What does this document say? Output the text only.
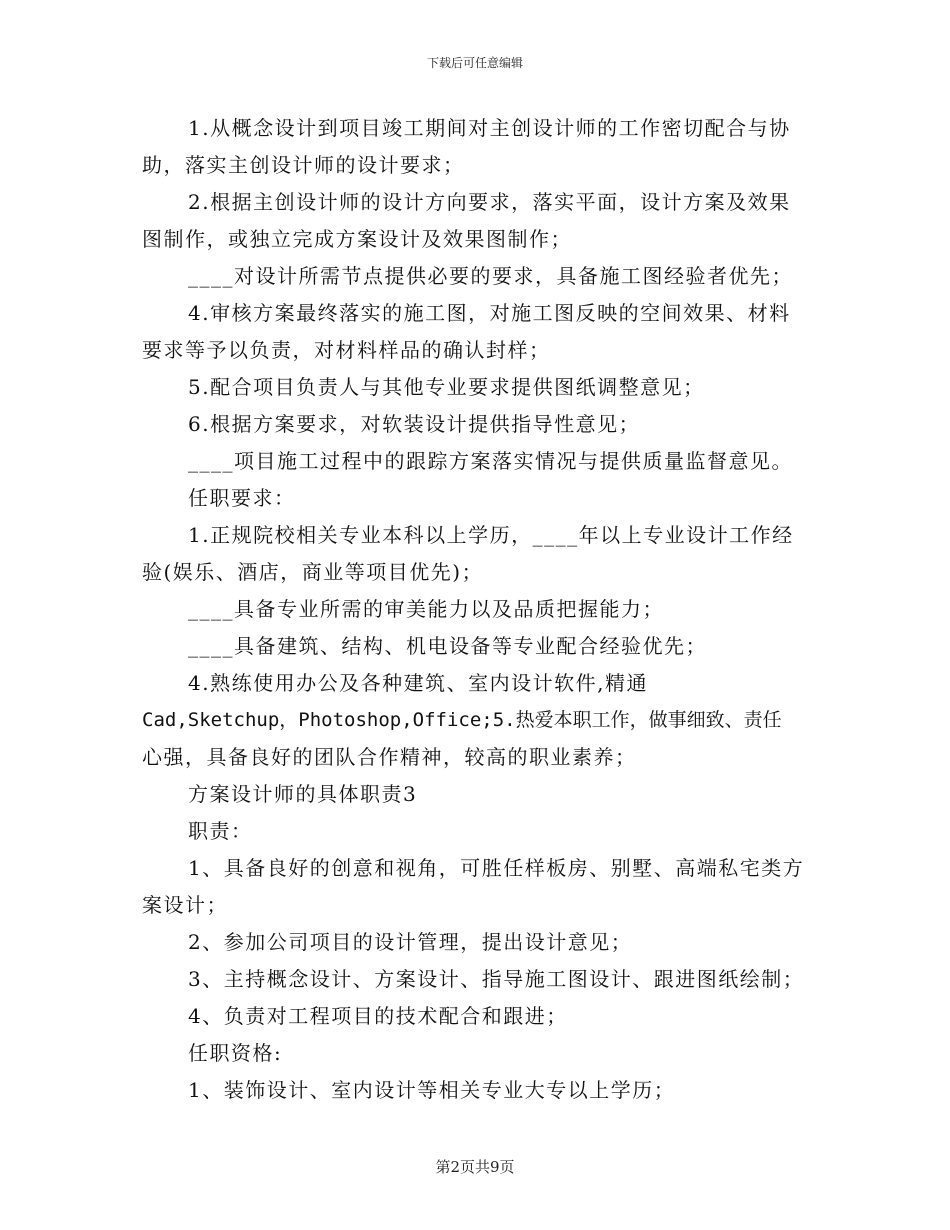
下载后可任意编辑
1.从概念设计到项目竣工期间对主创设计师的工作密切配合与协
助，落实主创设计师的设计要求；
2.根据主创设计师的设计方向要求，落实平面，设计方案及效果
图制作，或独立完成方案设计及效果图制作；
____对设计所需节点提供必要的要求，具备施工图经验者优先；
4.审核方案最终落实的施工图，对施工图反映的空间效果、材料
要求等予以负责，对材料样品的确认封样；
5.配合项目负责人与其他专业要求提供图纸调整意见；
6.根据方案要求，对软装设计提供指导性意见；
____项目施工过程中的跟踪方案落实情况与提供质量监督意见。
任职要求：
1.正规院校相关专业本科以上学历，____年以上专业设计工作经
验(娱乐、酒店，商业等项目优先)；
____具备专业所需的审美能力以及品质把握能力；
____具备建筑、结构、机电设备等专业配合经验优先；
4.熟练使用办公及各种建筑、室内设计软件,精通
Cad,Sketchup，Photoshop,Office;5.热爱本职工作，做事细致、责任
心强，具备良好的团队合作精神，较高的职业素养；
方案设计师的具体职责3
职责：
1、具备良好的创意和视角，可胜任样板房、别墅、高端私宅类方
案设计；
2、参加公司项目的设计管理，提出设计意见；
3、主持概念设计、方案设计、指导施工图设计、跟进图纸绘制；
4、负责对工程项目的技术配合和跟进；
任职资格:
1、装饰设计、室内设计等相关专业大专以上学历；
第2页共9页
